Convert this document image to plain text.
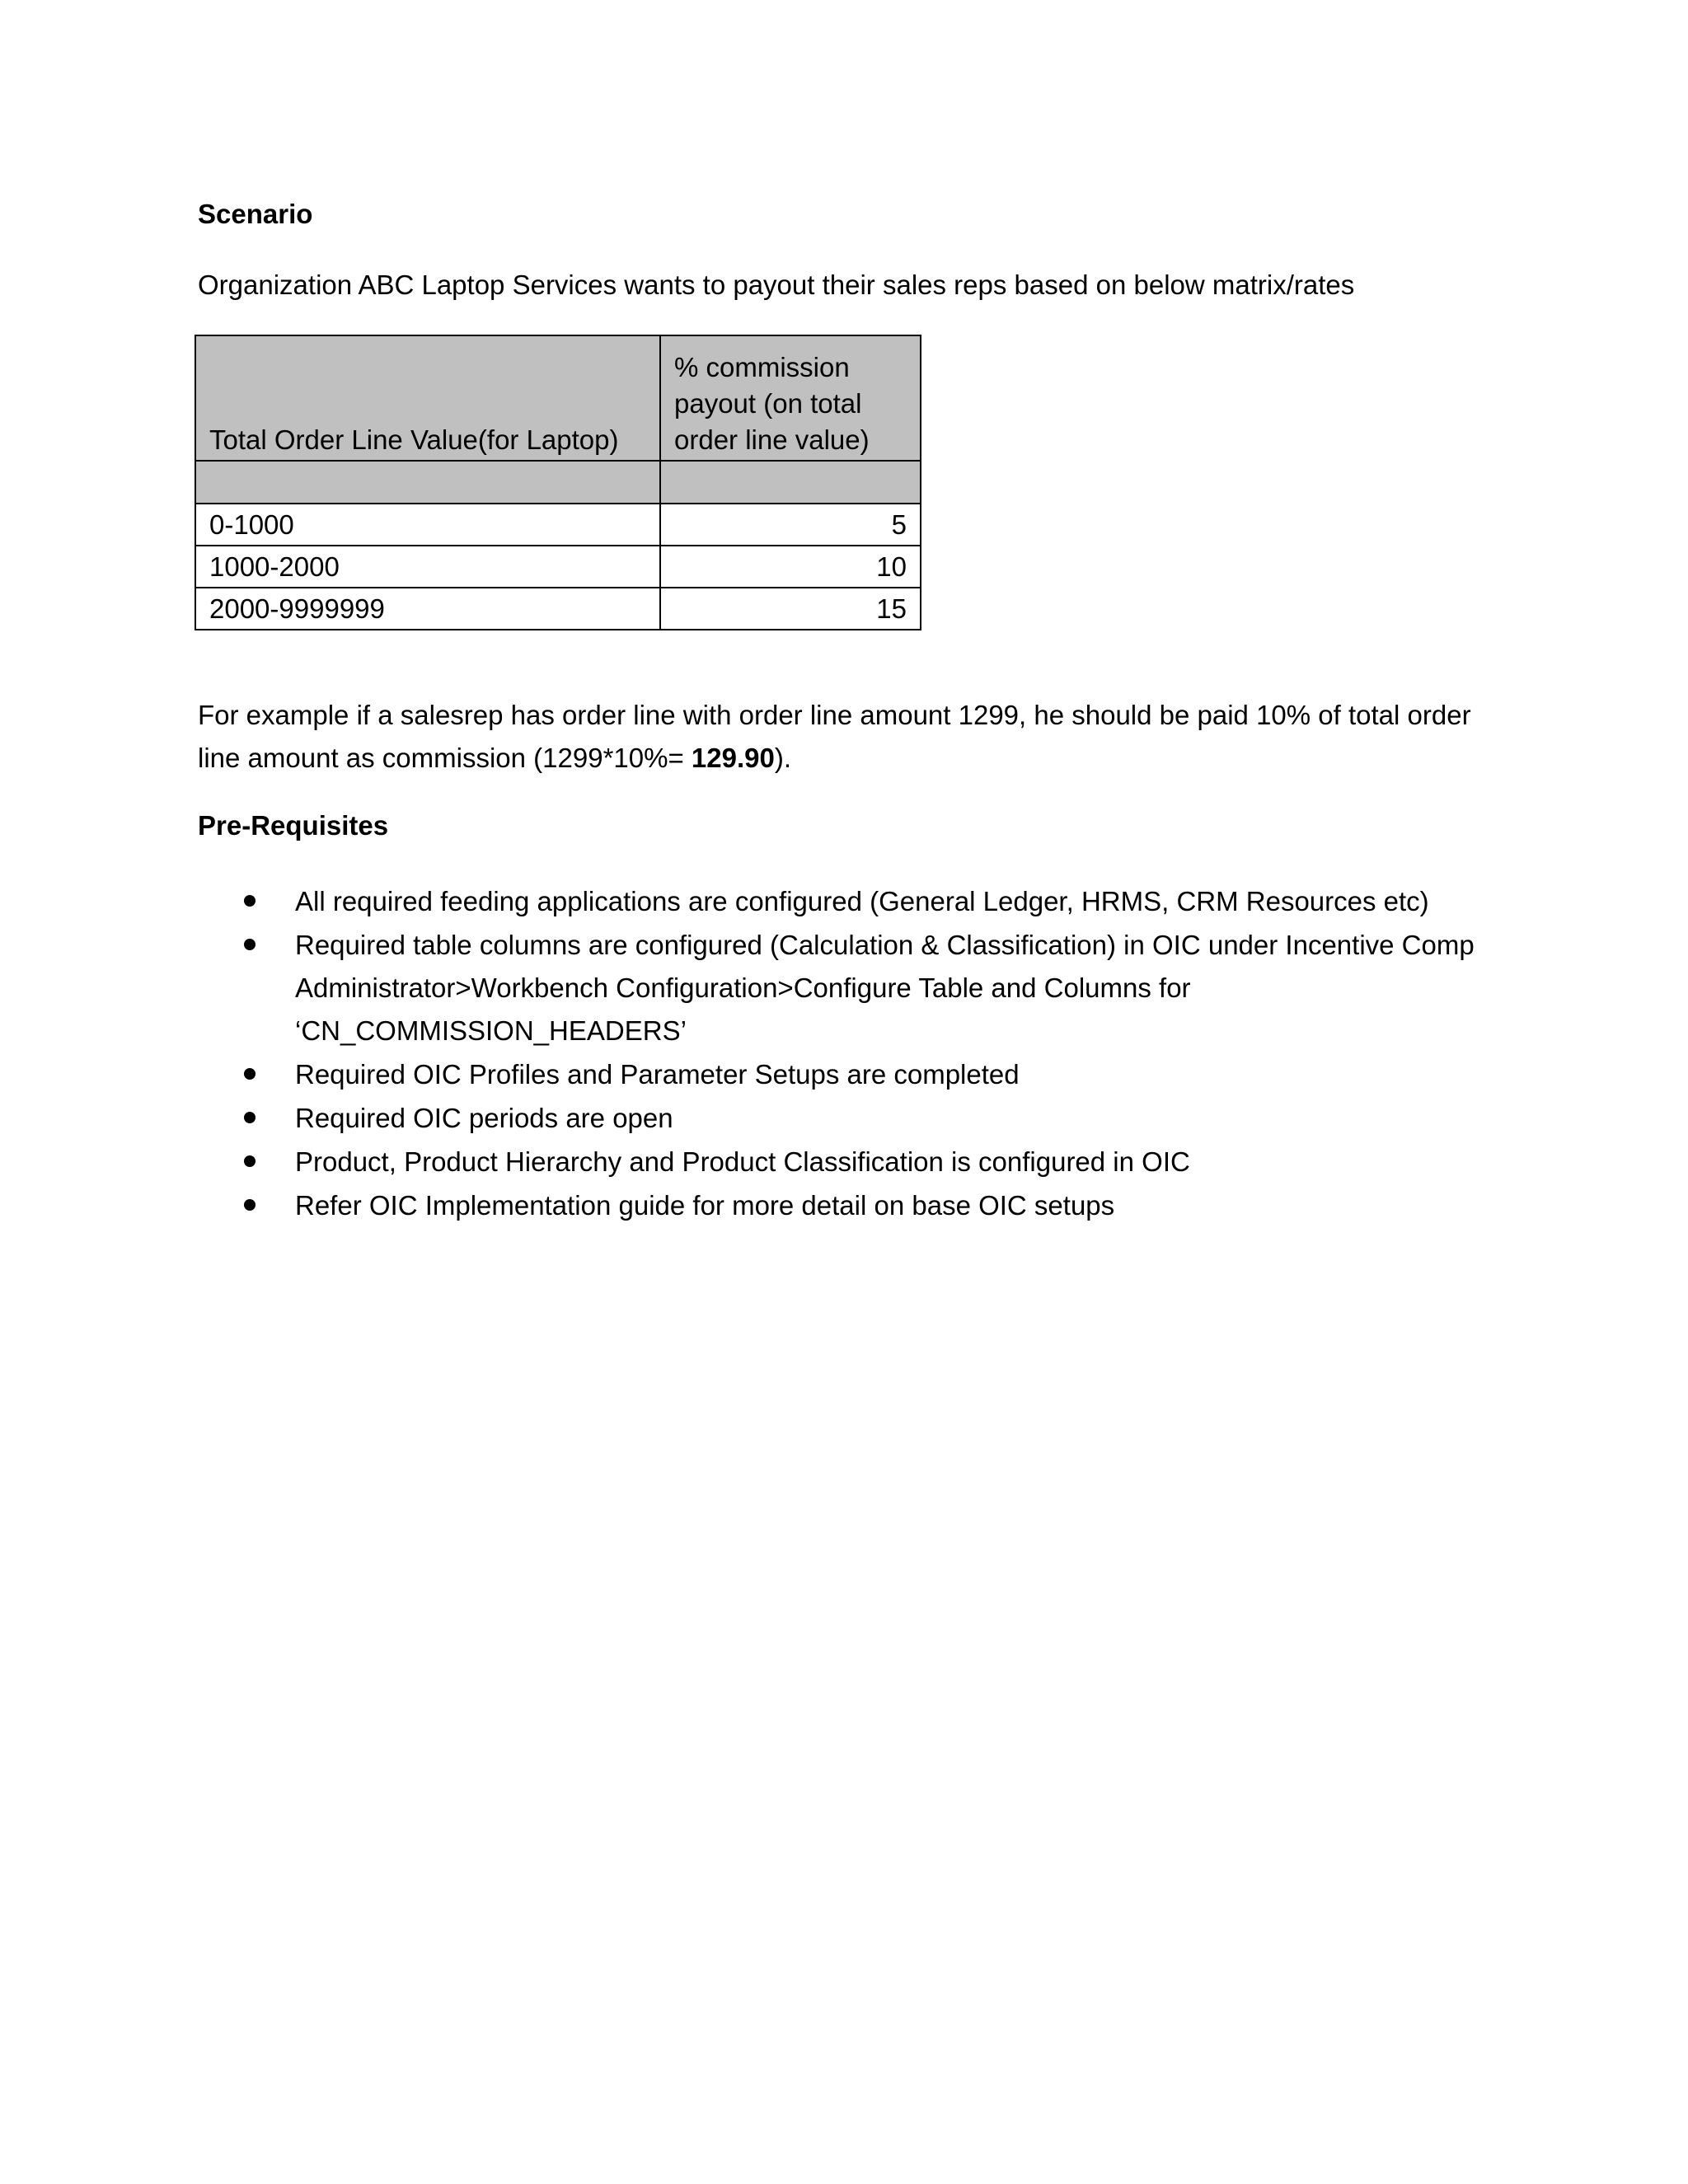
Scenario

Organization ABC Laptop Services wants to payout their sales reps based on below matrix/rates

Total Order Line Value(for Laptop)	% commission payout (on total order line value)

0-1000	5
1000-2000	10
2000-9999999	15

For example if a salesrep has order line with order line amount 1299, he should be paid 10% of total order line amount as commission (1299*10%= 129.90).

Pre-Requisites

All required feeding applications are configured (General Ledger, HRMS, CRM Resources etc)
Required table columns are configured (Calculation & Classification) in OIC under Incentive Comp Administrator>Workbench Configuration>Configure Table and Columns for ‘CN_COMMISSION_HEADERS’
Required OIC Profiles and Parameter Setups are completed
Required OIC periods are open
Product, Product Hierarchy and Product Classification is configured in OIC
Refer OIC Implementation guide for more detail on base OIC setups
